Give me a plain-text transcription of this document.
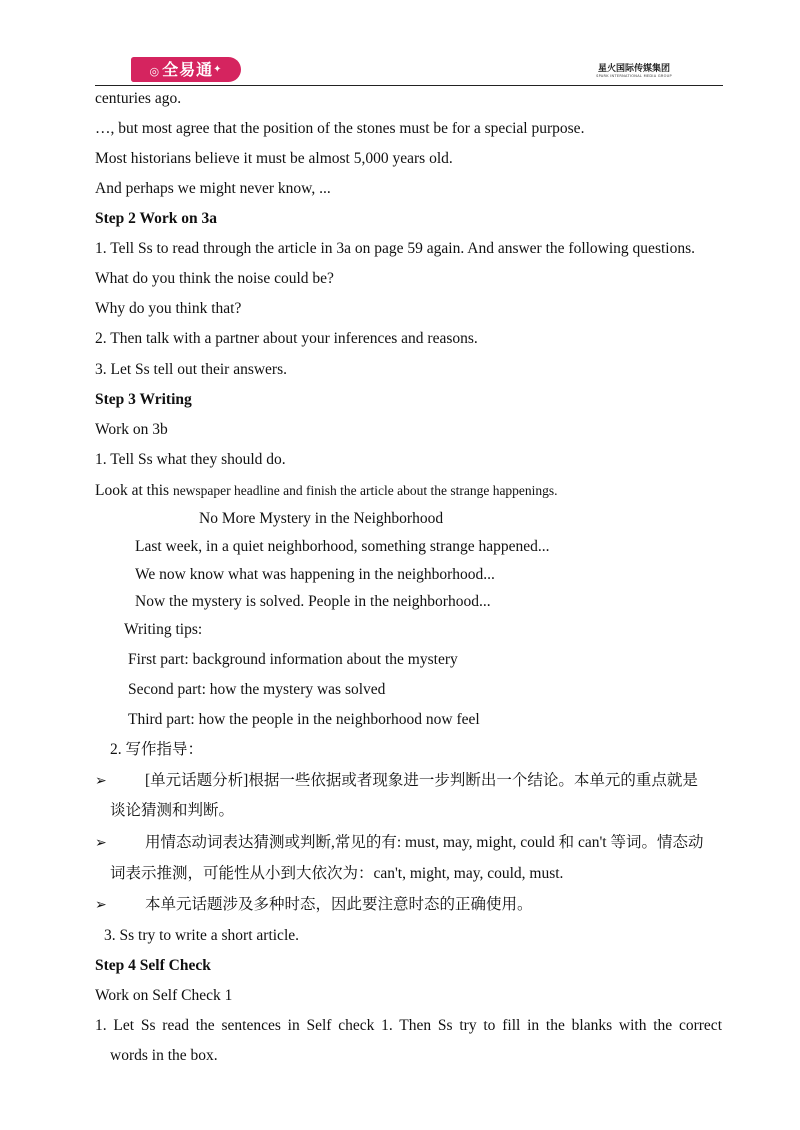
◎ 全易通✦	星火国际传媒集团
SPARK INTERNATIONAL MEDIA GROUP
centuries ago.
…, but most agree that the position of the stones must be for a special purpose.
Most historians believe it must be almost 5,000 years old.
And perhaps we might never know, ...
Step 2 Work on 3a
1. Tell Ss to read through the article in 3a on page 59 again. And answer the following questions.
What do you think the noise could be?
Why do you think that?
2. Then talk with a partner about your inferences and reasons.
3. Let Ss tell out their answers.
Step 3 Writing
Work on 3b
1. Tell Ss what they should do.
Look at this newspaper headline and finish the article about the strange happenings.
No More Mystery in the Neighborhood
Last week, in a quiet neighborhood, something strange happened...
We now know what was happening in the neighborhood...
Now the mystery is solved. People in the neighborhood...
Writing tips:
First part: background information about the mystery
Second part: how the mystery was solved
Third part: how the people in the neighborhood now feel
2. 写作指导：
➢ [单元话题分析]根据一些依据或者现象进一步判断出一个结论。本单元的重点就是
谈论猜测和判断。
➢ 用情态动词表达猜测或判断,常见的有: must, may, might, could 和 can't 等词。情态动
词表示推测，可能性从小到大依次为：can't, might, may, could, must.
➢ 本单元话题涉及多种时态，因此要注意时态的正确使用。
3. Ss try to write a short article.
Step 4 Self Check
Work on Self Check 1
1. Let Ss read the sentences in Self check 1. Then Ss try to fill in the blanks with the correct
words in the box.
